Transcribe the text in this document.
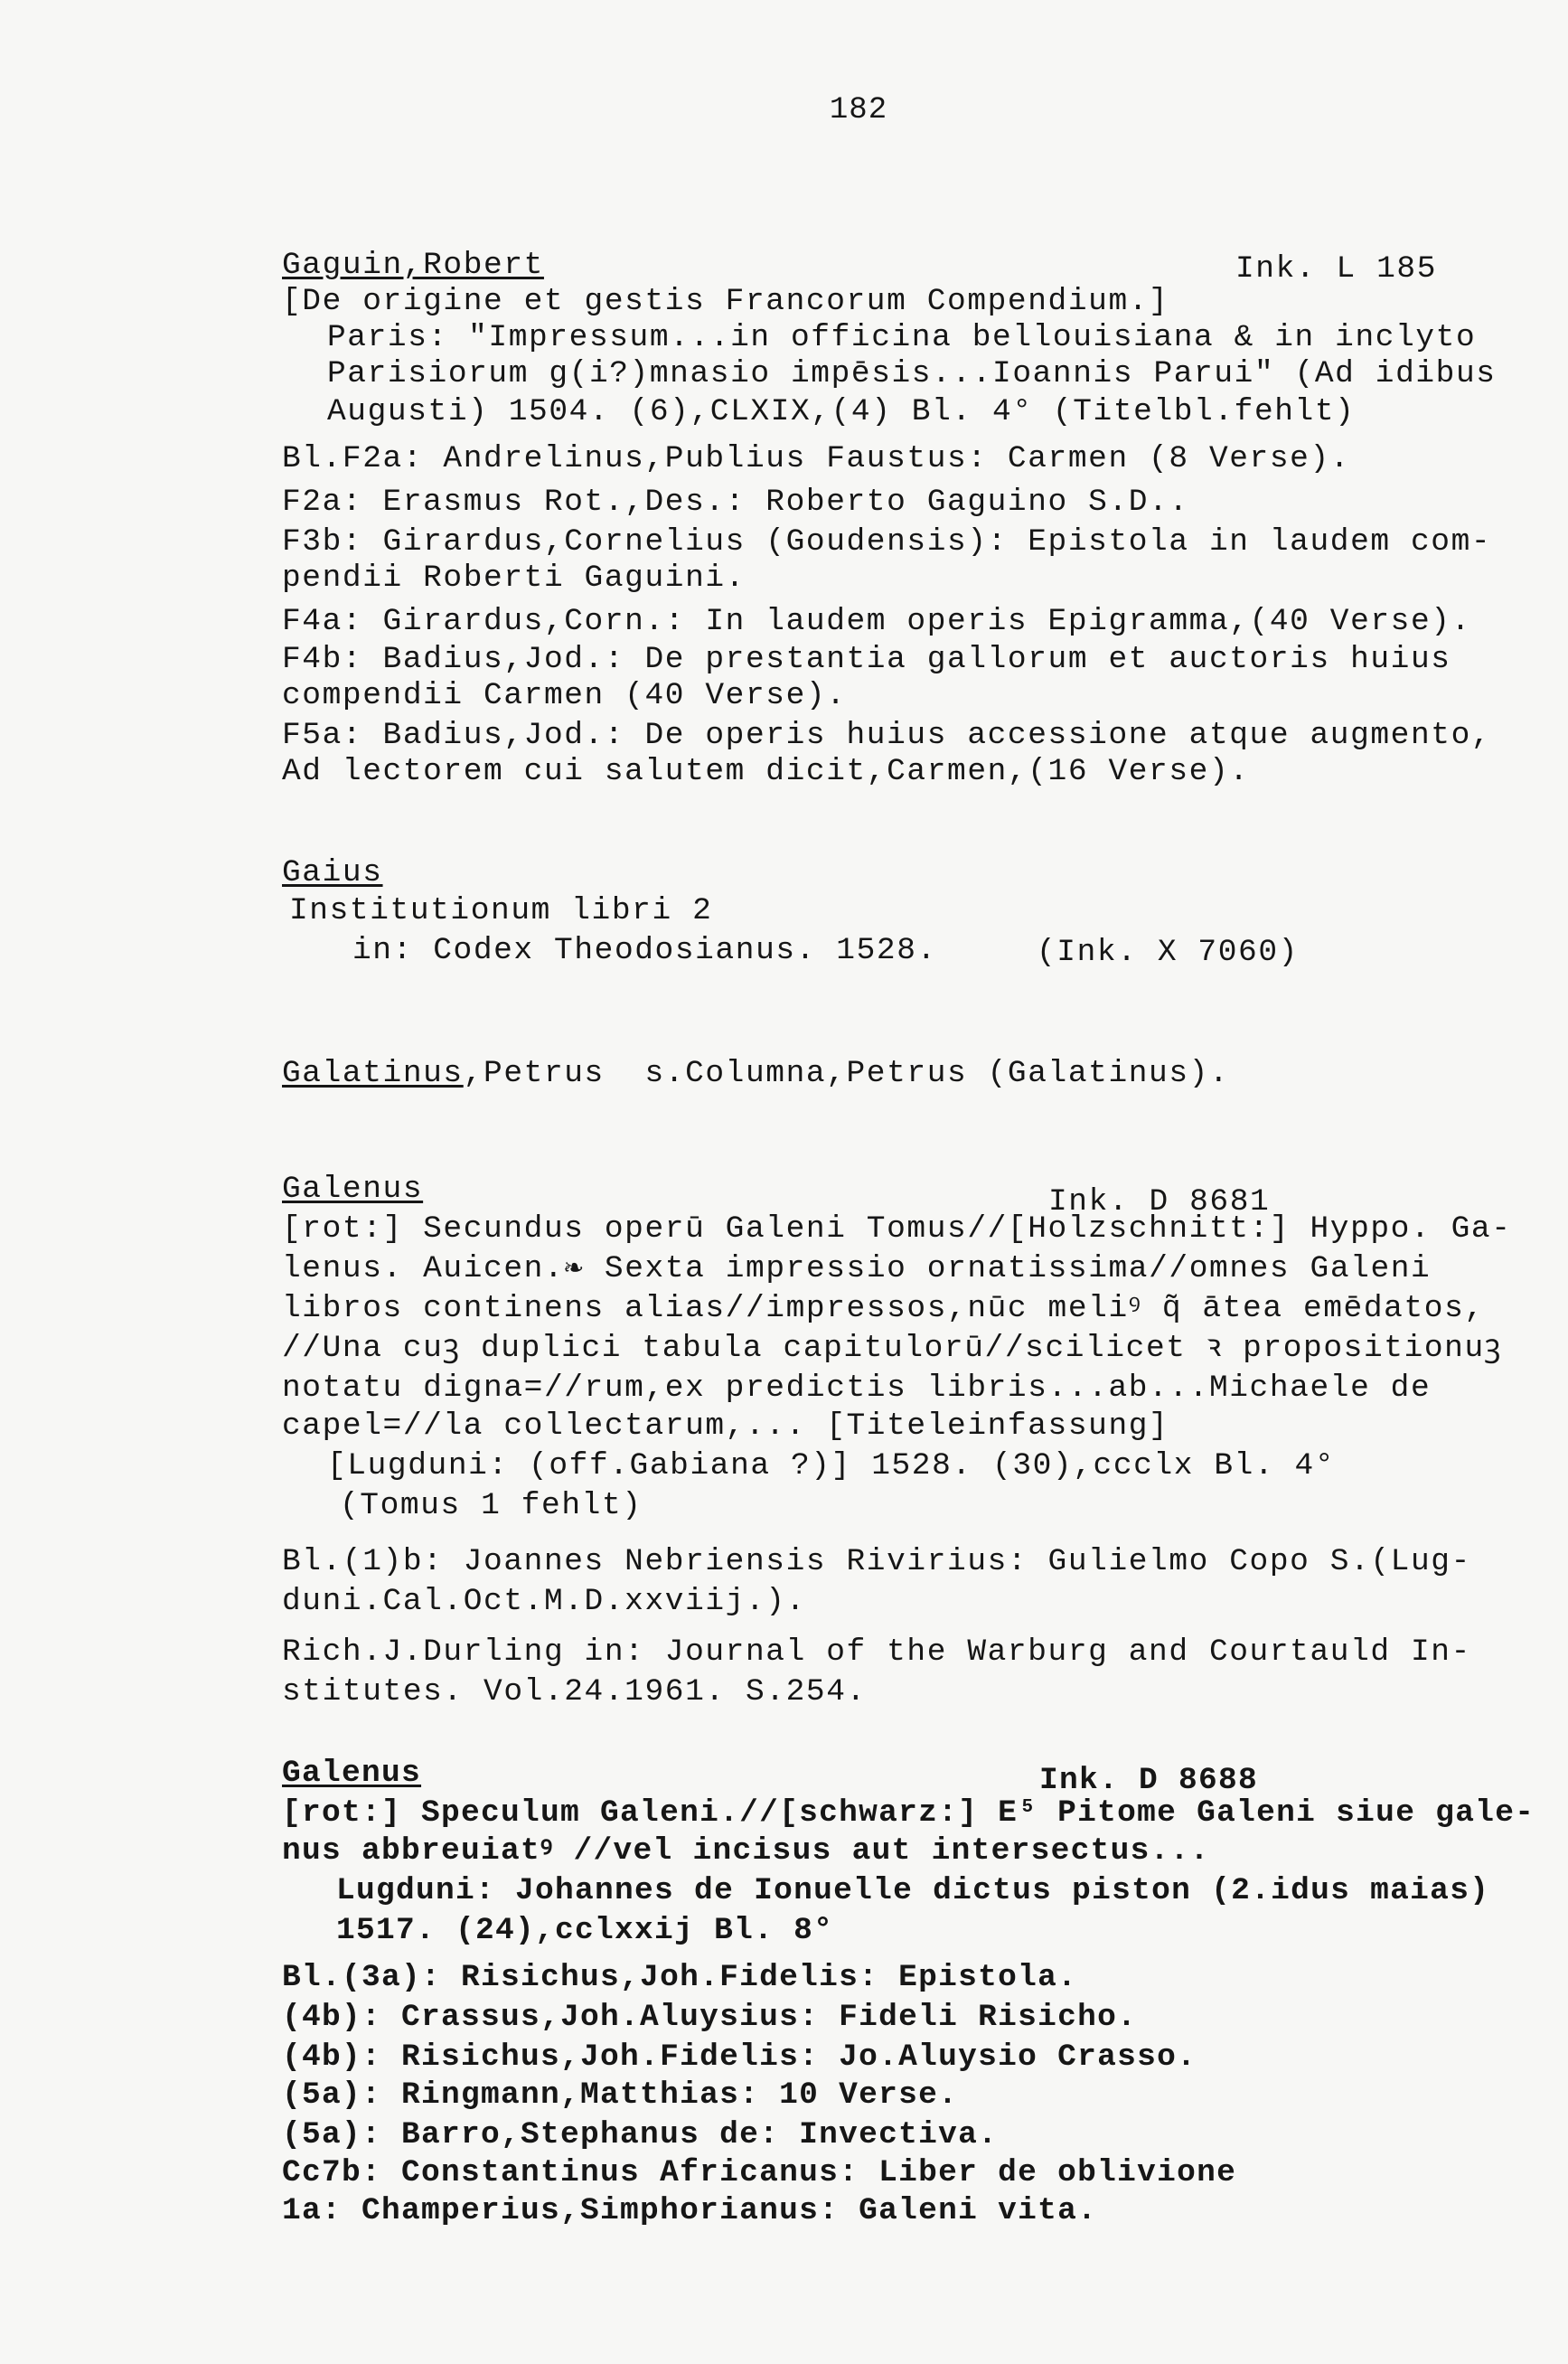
182
Gaguin,Robert	Ink. L 185
[De origine et gestis Francorum Compendium.]
Paris: "Impressum...in officina bellouisiana & in inclyto
Parisiorum g(i?)mnasio impēsis...Ioannis Parui" (Ad idibus
Augusti) 1504. (6),CLXIX,(4) Bl. 4° (Titelbl.fehlt)
Bl.F2a: Andrelinus,Publius Faustus: Carmen (8 Verse).
F2a: Erasmus Rot.,Des.: Roberto Gaguino S.D..
F3b: Girardus,Cornelius (Goudensis): Epistola in laudem com-
pendii Roberti Gaguini.
F4a: Girardus,Corn.: In laudem operis Epigramma,(40 Verse).
F4b: Badius,Jod.: De prestantia gallorum et auctoris huius
compendii Carmen (40 Verse).
F5a: Badius,Jod.: De operis huius accessione atque augmento,
Ad lectorem cui salutem dicit,Carmen,(16 Verse).
Gaius
Institutionum libri 2
in: Codex Theodosianus. 1528.	(Ink. X 7060)
Galatinus,Petrus  s.Columna,Petrus (Galatinus).
Galenus	Ink. D 8681
[rot:] Secundus operū Galeni Tomus//[Holzschnitt:] Hyppo. Ga-
lenus. Auicen.❧ Sexta impressio ornatissima//omnes Galeni
libros continens alias//impressos,nūc meliꝰ q̃ ātea emēdatos,
//Una cuꝫ duplici tabula capitulorū//scilicet ꝛ propositionuꝫ
notatu digna=//rum,ex predictis libris...ab...Michaele de
capel=//la collectarum,... [Titeleinfassung]
[Lugduni: (off.Gabiana ?)] 1528. (30),ccclx Bl. 4°
(Tomus 1 fehlt)
Bl.(1)b: Joannes Nebriensis Rivirius: Gulielmo Copo S.(Lug-
duni.Cal.Oct.M.D.xxviij.).
Rich.J.Durling in: Journal of the Warburg and Courtauld In-
stitutes. Vol.24.1961. S.254.
Galenus	Ink. D 8688
[rot:] Speculum Galeni.//[schwarz:] E⁵ Pitome Galeni siue gale-
nus abbreuiatꝰ //vel incisus aut intersectus...
Lugduni: Johannes de Ionuelle dictus piston (2.idus maias)
1517. (24),cclxxij Bl. 8°
Bl.(3a): Risichus,Joh.Fidelis: Epistola.
(4b): Crassus,Joh.Aluysius: Fideli Risicho.
(4b): Risichus,Joh.Fidelis: Jo.Aluysio Crasso.
(5a): Ringmann,Matthias: 10 Verse.
(5a): Barro,Stephanus de: Invectiva.
Cc7b: Constantinus Africanus: Liber de oblivione
1a: Champerius,Simphorianus: Galeni vita.
